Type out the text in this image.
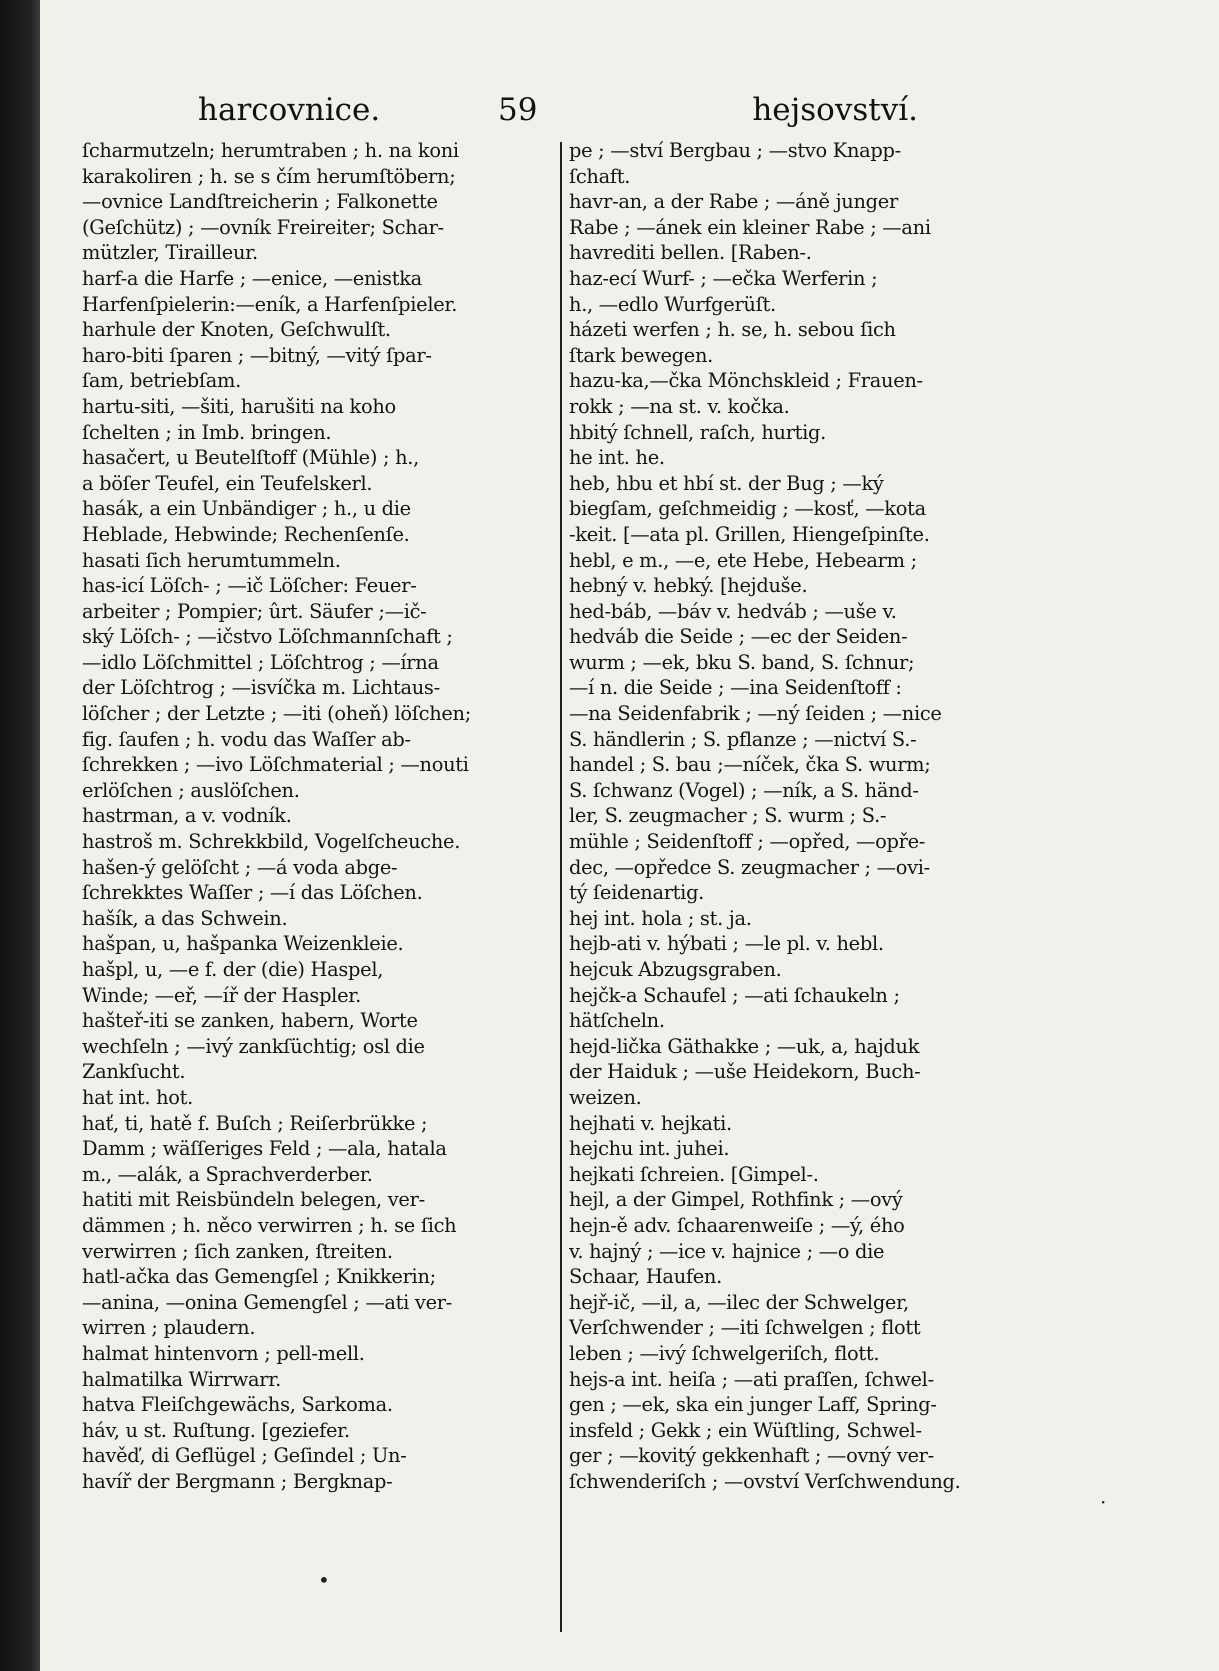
harcovnice.	59	hejsovství.
ſcharmutzeln; herumtraben ; h. na koni
karakoliren ; h. se s čím herumſtöbern;
—ovnice Landſtreicherin ; Falkonette
(Geſchütz) ; —ovník Freireiter; Schar-
mützler, Tirailleur.
harf-a die Harfe ; —enice, —enistka
Harfenſpielerin:—eník, a Harfenſpieler.
harhule der Knoten, Geſchwulſt.
haro-biti ſparen ; —bitný, —vitý ſpar-
ſam, betriebſam.
hartu-siti, —šiti, harušiti na koho
ſchelten ; in Imb. bringen.
hasačert, u Beutelſtoff (Mühle) ; h.,
a böſer Teufel, ein Teufelskerl.
hasák, a ein Unbändiger ; h., u die
Heblade, Hebwinde; Rechenſenſe.
hasati ſich herumtummeln.
has-icí Löſch- ; —ič Löſcher: Feuer-
arbeiter ; Pompier; ûrt. Säufer ;—ič-
ský Löſch- ; —ičstvo Löſchmannſchaft ;
—idlo Löſchmittel ; Löſchtrog ; —írna
der Löſchtrog ; —isvíčka m. Lichtaus-
löſcher ; der Letzte ; —iti (oheň) löſchen;
fig. ſaufen ; h. vodu das Waſſer ab-
ſchrekken ; —ivo Löſchmaterial ; —nouti
erlöſchen ; auslöſchen.
hastrman, a v. vodník.
hastroš m. Schrekkbild, Vogelſcheuche.
hašen-ý gelöſcht ; —á voda abge-
ſchrekktes Waſſer ; —í das Löſchen.
hašík, a das Schwein.
hašpan, u, hašpanka Weizenkleie.
hašpl, u, —e f. der (die) Haspel,
Winde; —eř, —íř der Haspler.
hašteř-iti se zanken, habern, Worte
wechſeln ; —ivý zankſüchtig; osl die
Zankſucht.
hat int. hot.
hať, ti, hatě f. Buſch ; Reiſerbrükke ;
Damm ; wäſſeriges Feld ; —ala, hatala
m., —alák, a Sprachverderber.
hatiti mit Reisbündeln belegen, ver-
dämmen ; h. něco verwirren ; h. se ſich
verwirren ; ſich zanken, ſtreiten.
hatl-ačka das Gemengſel ; Knikkerin;
—anina, —onina Gemengſel ; —ati ver-
wirren ; plaudern.
halmat hintenvorn ; pell-mell.
halmatilka Wirrwarr.
hatva Fleiſchgewächs, Sarkoma.
háv, u st. Ruſtung. [geziefer.
havěď, di Geflügel ; Geſindel ; Un-
havíř der Bergmann ; Bergknap-
pe ; —ství Bergbau ; —stvo Knapp-
ſchaft.
havr-an, a der Rabe ; —áně junger
Rabe ; —ánek ein kleiner Rabe ; —ani
havrediti bellen. [Raben-.
haz-ecí Wurf- ; —ečka Werferin ;
h., —edlo Wurfgerüſt.
házeti werfen ; h. se, h. sebou ſich
ſtark bewegen.
hazu-ka,—čka Mönchskleid ; Frauen-
rokk ; —na st. v. kočka.
hbitý ſchnell, raſch, hurtig.
he int. he.
heb, hbu et hbí st. der Bug ; —ký
biegſam, geſchmeidig ; —kosť, —kota
-keit. [—ata pl. Grillen, Hiengeſpinſte.
hebl, e m., —e, ete Hebe, Hebearm ;
hebný v. hebký. [hejduše.
hed-báb, —báv v. hedváb ; —uše v.
hedváb die Seide ; —ec der Seiden-
wurm ; —ek, bku S. band, S. ſchnur;
—í n. die Seide ; —ina Seidenſtoff :
—na Seidenfabrik ; —ný ſeiden ; —nice
S. händlerin ; S. pflanze ; —nictví S.-
handel ; S. bau ;—níček, čka S. wurm;
S. ſchwanz (Vogel) ; —ník, a S. händ-
ler, S. zeugmacher ; S. wurm ; S.-
mühle ; Seidenſtoff ; —opřed, —opře-
dec, —opředce S. zeugmacher ; —ovi-
tý ſeidenartig.
hej int. hola ; st. ja.
hejb-ati v. hýbati ; —le pl. v. hebl.
hejcuk Abzugsgraben.
hejčk-a Schaufel ; —ati ſchaukeln ;
hätſcheln.
hejd-lička Gäthakke ; —uk, a, hajduk
der Haiduk ; —uše Heidekorn, Buch-
weizen.
hejhati v. hejkati.
hejchu int. juhei.
hejkati ſchreien. [Gimpel-.
hejl, a der Gimpel, Rothfink ; —ový
hejn-ě adv. ſchaarenweiſe ; —ý, ého
v. hajný ; —ice v. hajnice ; —o die
Schaar, Haufen.
hejř-ič, —il, a, —ilec der Schwelger,
Verſchwender ; —iti ſchwelgen ; flott
leben ; —ivý ſchwelgeriſch, flott.
hejs-a int. heiſa ; —ati praſſen, ſchwel-
gen ; —ek, ska ein junger Laff, Spring-
insfeld ; Gekk ; ein Wüſtling, Schwel-
ger ; —kovitý gekkenhaft ; —ovný ver-
ſchwenderiſch ; —ovství Verſchwendung.
·
•
